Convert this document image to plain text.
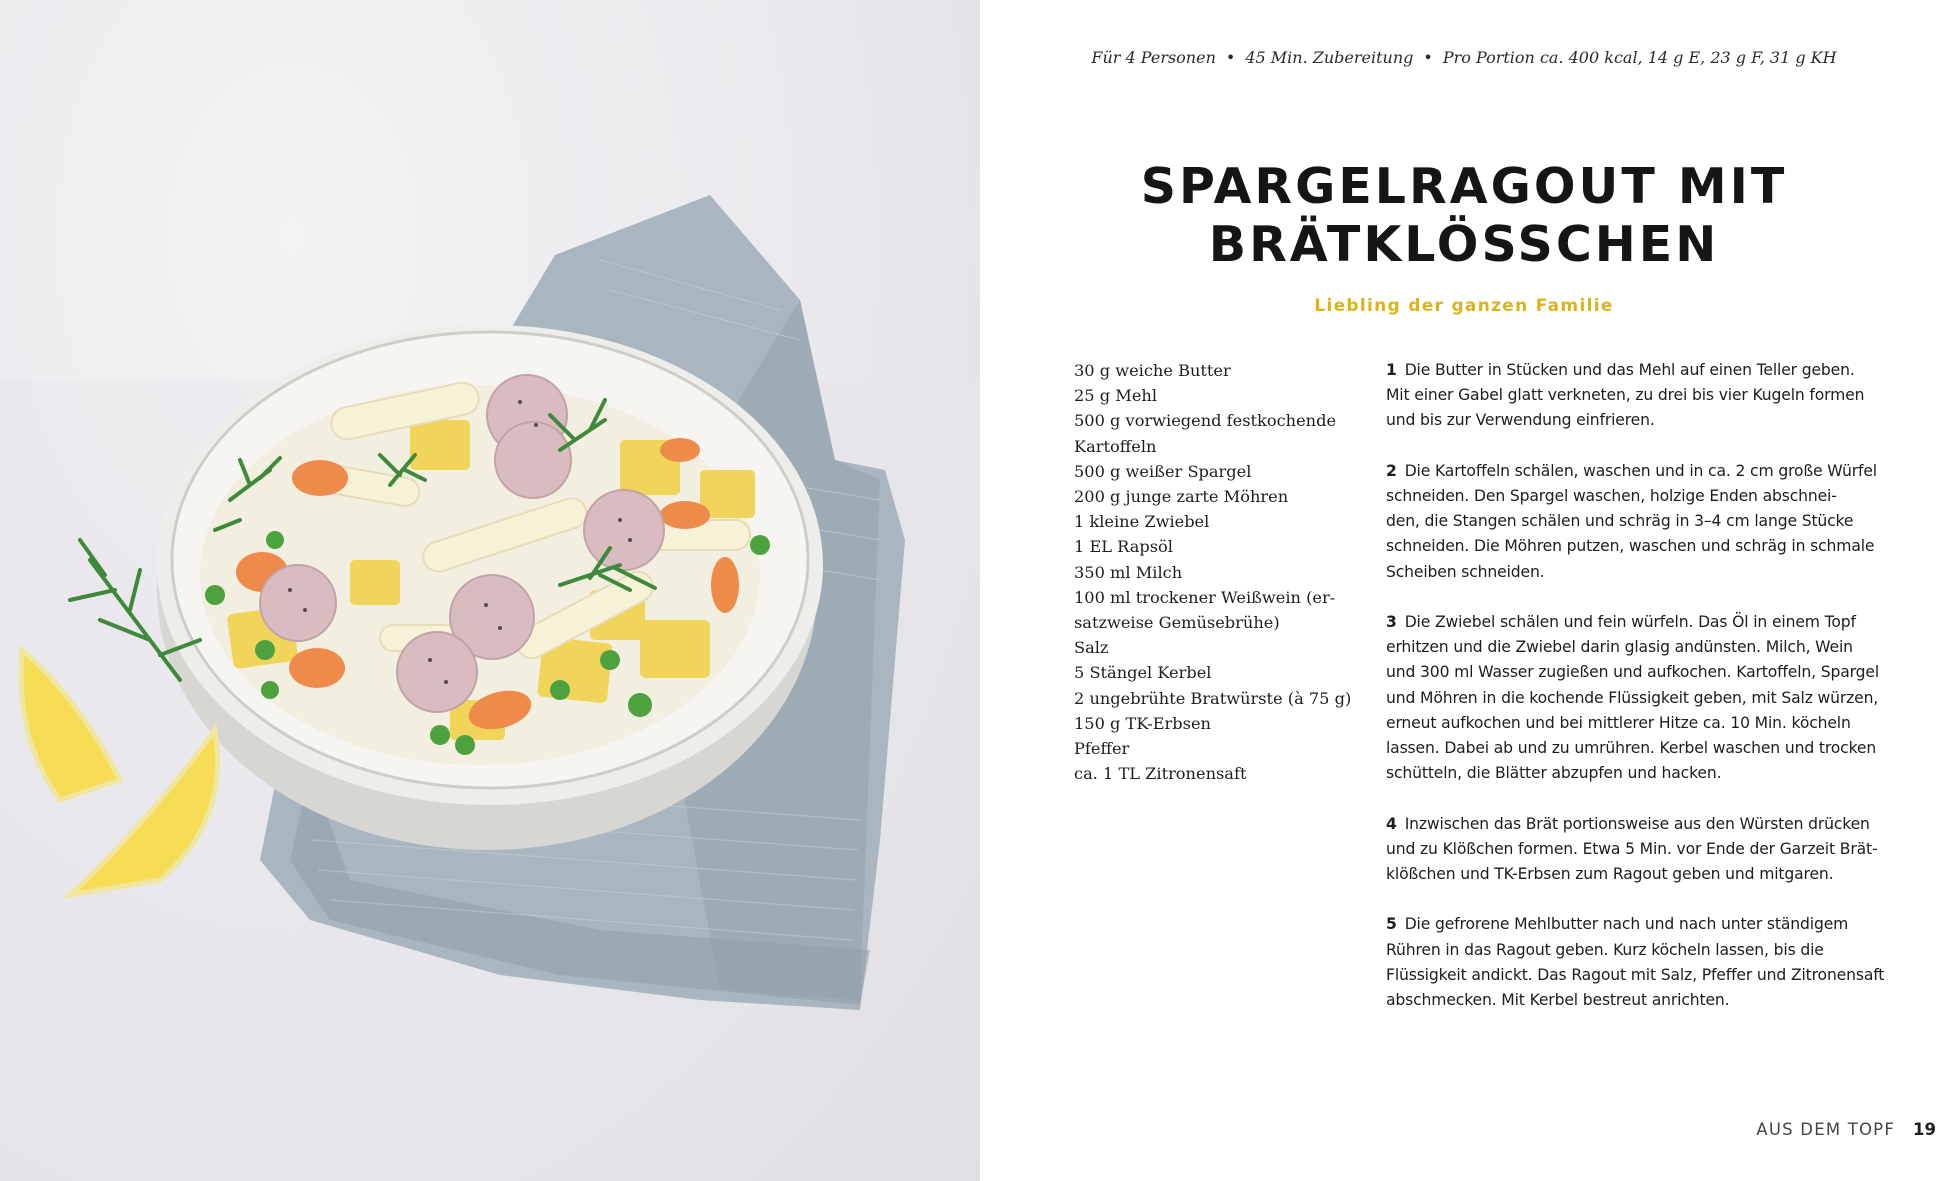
Für 4 Personen • 45 Min. Zubereitung • Pro Portion ca. 400 kcal, 14 g E, 23 g F, 31 g KH
SPARGELRAGOUT MIT
BRÄTKLÖSSCHEN
Liebling der ganzen Familie
30 g weiche Butter
25 g Mehl
500 g vorwiegend festkochende
Kartoffeln
500 g weißer Spargel
200 g junge zarte Möhren
1 kleine Zwiebel
1 EL Rapsöl
350 ml Milch
100 ml trockener Weißwein (er-
satzweise Gemüsebrühe)
Salz
5 Stängel Kerbel
2 ungebrühte Bratwürste (à 75 g)
150 g TK-Erbsen
Pfeffer
ca. 1 TL Zitronensaft
1 Die Butter in Stücken und das Mehl auf einen Teller geben.
Mit einer Gabel glatt verkneten, zu drei bis vier Kugeln formen
und bis zur Verwendung einfrieren.
2 Die Kartoffeln schälen, waschen und in ca. 2 cm große Würfel
schneiden. Den Spargel waschen, holzige Enden abschnei-
den, die Stangen schälen und schräg in 3–4 cm lange Stücke
schneiden. Die Möhren putzen, waschen und schräg in schmale
Scheiben schneiden.
3 Die Zwiebel schälen und fein würfeln. Das Öl in einem Topf
erhitzen und die Zwiebel darin glasig andünsten. Milch, Wein
und 300 ml Wasser zugießen und aufkochen. Kartoffeln, Spargel
und Möhren in die kochende Flüssigkeit geben, mit Salz würzen,
erneut aufkochen und bei mittlerer Hitze ca. 10 Min. köcheln
lassen. Dabei ab und zu umrühren. Kerbel waschen und trocken
schütteln, die Blätter abzupfen und hacken.
4 Inzwischen das Brät portionsweise aus den Würsten drücken
und zu Klößchen formen. Etwa 5 Min. vor Ende der Garzeit Brät-
klößchen und TK-Erbsen zum Ragout geben und mitgaren.
5 Die gefrorene Mehlbutter nach und nach unter ständigem
Rühren in das Ragout geben. Kurz köcheln lassen, bis die
Flüssigkeit andickt. Das Ragout mit Salz, Pfeffer und Zitronensaft
abschmecken. Mit Kerbel bestreut anrichten.
AUS DEM TOPF 19
